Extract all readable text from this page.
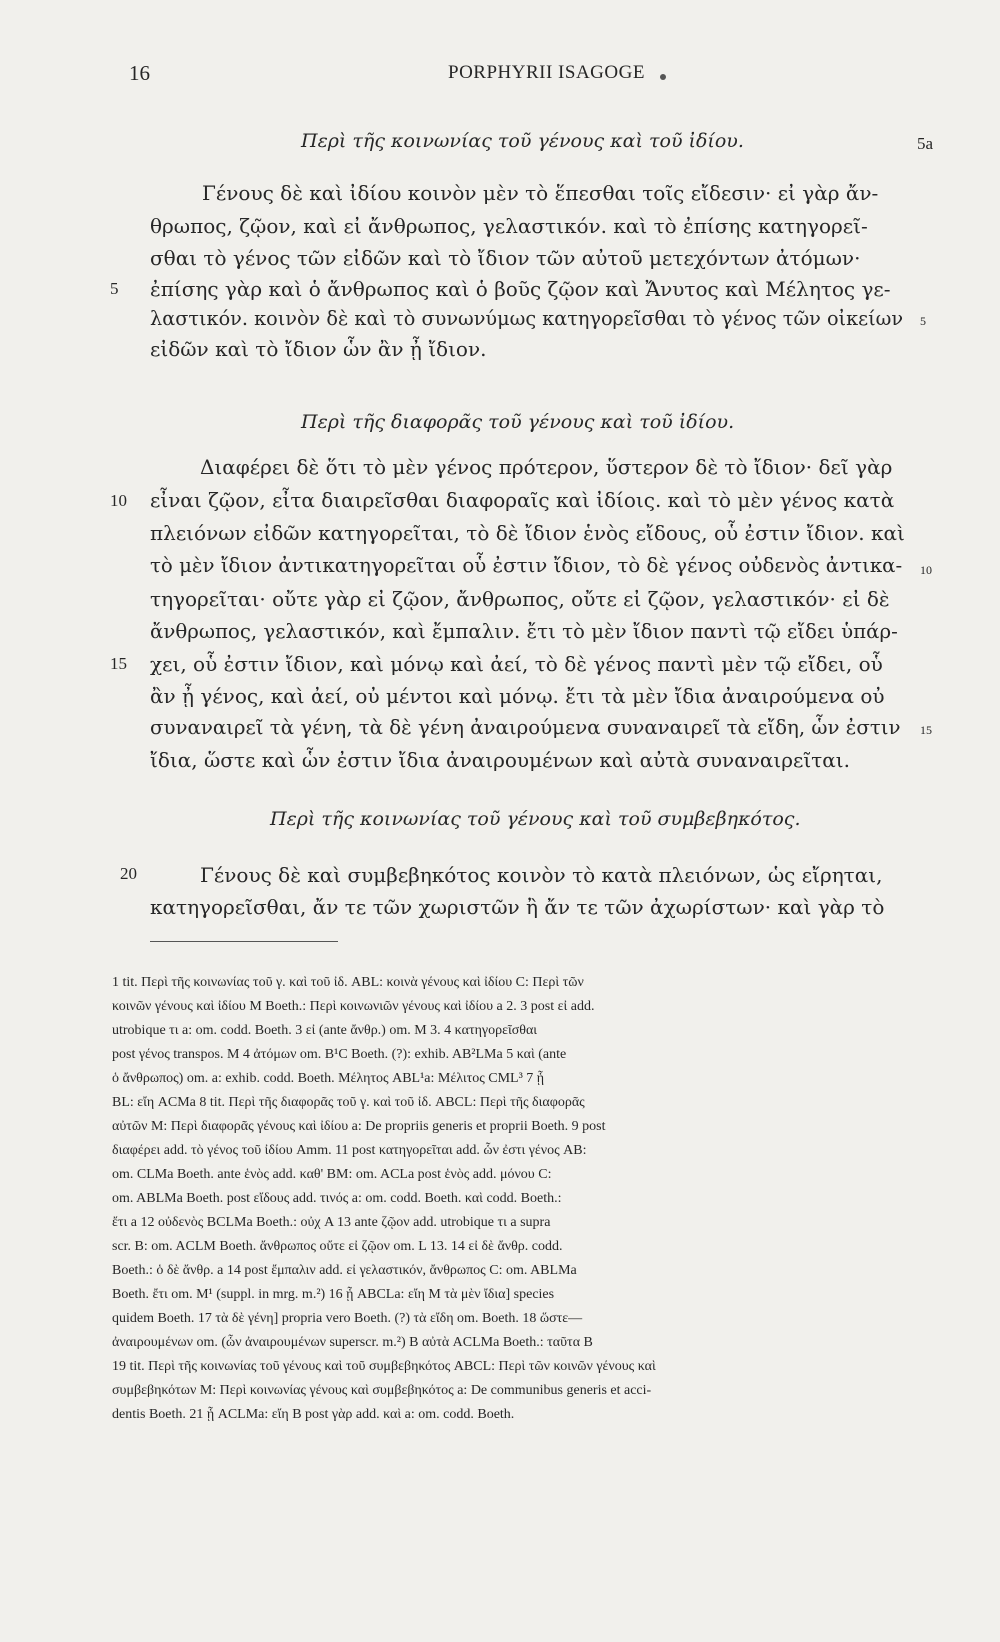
16	PORPHYRII ISAGOGE
5a
Περὶ τῆς κοινωνίας τοῦ γένους καὶ τοῦ ἰδίου.
Γένους δὲ καὶ ἰδίου κοινὸν μὲν τὸ ἕπεσθαι τοῖς εἴδεσιν· εἰ γὰρ ἄν-
θρωπος, ζῷον, καὶ εἰ ἄνθρωπος, γελαστικόν. καὶ τὸ ἐπίσης κατηγορεῖ-
σθαι τὸ γένος τῶν εἰδῶν καὶ τὸ ἴδιον τῶν αὐτοῦ μετεχόντων ἀτόμων·
ἐπίσης γὰρ καὶ ὁ ἄνθρωπος καὶ ὁ βοῦς ζῷον καὶ Ἄνυτος καὶ Μέλητος γε-
λαστικόν. κοινὸν δὲ καὶ τὸ συνωνύμως κατηγορεῖσθαι τὸ γένος τῶν οἰκείων
εἰδῶν καὶ τὸ ἴδιον ὧν ἂν ᾖ ἴδιον.
5
5
Περὶ τῆς διαφορᾶς τοῦ γένους καὶ τοῦ ἰδίου.
Διαφέρει δὲ ὅτι τὸ μὲν γένος πρότερον, ὕστερον δὲ τὸ ἴδιον· δεῖ γὰρ
εἶναι ζῷον, εἶτα διαιρεῖσθαι διαφοραῖς καὶ ἰδίοις. καὶ τὸ μὲν γένος κατὰ
πλειόνων εἰδῶν κατηγορεῖται, τὸ δὲ ἴδιον ἑνὸς εἴδους, οὗ ἐστιν ἴδιον. καὶ
τὸ μὲν ἴδιον ἀντικατηγορεῖται οὗ ἐστιν ἴδιον, τὸ δὲ γένος οὐδενὸς ἀντικα-
τηγορεῖται· οὔτε γὰρ εἰ ζῷον, ἄνθρωπος, οὔτε εἰ ζῷον, γελαστικόν· εἰ δὲ
ἄνθρωπος, γελαστικόν, καὶ ἔμπαλιν. ἔτι τὸ μὲν ἴδιον παντὶ τῷ εἴδει ὑπάρ-
χει, οὗ ἐστιν ἴδιον, καὶ μόνῳ καὶ ἀεί, τὸ δὲ γένος παντὶ μὲν τῷ εἴδει, οὗ
ἂν ᾖ γένος, καὶ ἀεί, οὐ μέντοι καὶ μόνῳ. ἔτι τὰ μὲν ἴδια ἀναιρούμενα οὐ
συναναιρεῖ τὰ γένη, τὰ δὲ γένη ἀναιρούμενα συναναιρεῖ τὰ εἴδη, ὧν ἐστιν
ἴδια, ὥστε καὶ ὧν ἐστιν ἴδια ἀναιρουμένων καὶ αὐτὰ συναναιρεῖται.
10
15
10
15
Περὶ τῆς κοινωνίας τοῦ γένους καὶ τοῦ συμβεβηκότος.
Γένους δὲ καὶ συμβεβηκότος κοινὸν τὸ κατὰ πλειόνων, ὡς εἴρηται,
κατηγορεῖσθαι, ἄν τε τῶν χωριστῶν ἢ ἄν τε τῶν ἀχωρίστων· καὶ γὰρ τὸ
20
1 tit. Περὶ τῆς κοινωνίας τοῦ γ. καὶ τοῦ ἰδ. ABL: κοινὰ γένους καὶ ἰδίου C: Περὶ τῶν
κοινῶν γένους καὶ ἰδίου M Boeth.: Περὶ κοινωνιῶν γένους καὶ ἰδίου a 2. 3 post εἰ add.
utrobique τι a: om. codd. Boeth. 3 εἰ (ante ἄνθρ.) om. M 3. 4 κατηγορεῖσθαι
post γένος transpos. M 4 ἀτόμων om. B¹C Boeth. (?): exhib. AB²LMa 5 καὶ (ante
ὁ ἄνθρωπος) om. a: exhib. codd. Boeth. Μέλητος ABL¹a: Μέλιτος CML³ 7 ᾖ
BL: εἴη ACMa 8 tit. Περὶ τῆς διαφορᾶς τοῦ γ. καὶ τοῦ ἰδ. ABCL: Περὶ τῆς διαφορᾶς
αὐτῶν M: Περὶ διαφορᾶς γένους καὶ ἰδίου a: De propriis generis et proprii Boeth. 9 post
διαφέρει add. τὸ γένος τοῦ ἰδίου Amm. 11 post κατηγορεῖται add. ὧν ἐστι γένος AB:
om. CLMa Boeth. ante ἑνὸς add. καθ' BM: om. ACLa post ἑνὸς add. μόνου C:
om. ABLMa Boeth. post εἴδους add. τινός a: om. codd. Boeth. καὶ codd. Boeth.:
ἔτι a 12 οὐδενὸς BCLMa Boeth.: οὐχ A 13 ante ζῷον add. utrobique τι a supra
scr. B: om. ACLM Boeth. ἄνθρωπος οὔτε εἰ ζῷον om. L 13. 14 εἰ δὲ ἄνθρ. codd.
Boeth.: ὁ δὲ ἄνθρ. a 14 post ἔμπαλιν add. εἰ γελαστικόν, ἄνθρωπος C: om. ABLMa
Boeth. ἔτι om. M¹ (suppl. in mrg. m.²) 16 ᾖ ABCLa: εἴη M τὰ μὲν ἴδια] species
quidem Boeth. 17 τὰ δὲ γένη] propria vero Boeth. (?) τὰ εἴδη om. Boeth. 18 ὥστε—
ἀναιρουμένων om. (ὧν ἀναιρουμένων superscr. m.²) B αὐτὰ ACLMa Boeth.: ταῦτα B
19 tit. Περὶ τῆς κοινωνίας τοῦ γένους καὶ τοῦ συμβεβηκότος ABCL: Περὶ τῶν κοινῶν γένους καὶ
συμβεβηκότων M: Περὶ κοινωνίας γένους καὶ συμβεβηκότος a: De communibus generis et acci-
dentis Boeth. 21 ᾖ ACLMa: εἴη B post γὰρ add. καὶ a: om. codd. Boeth.
